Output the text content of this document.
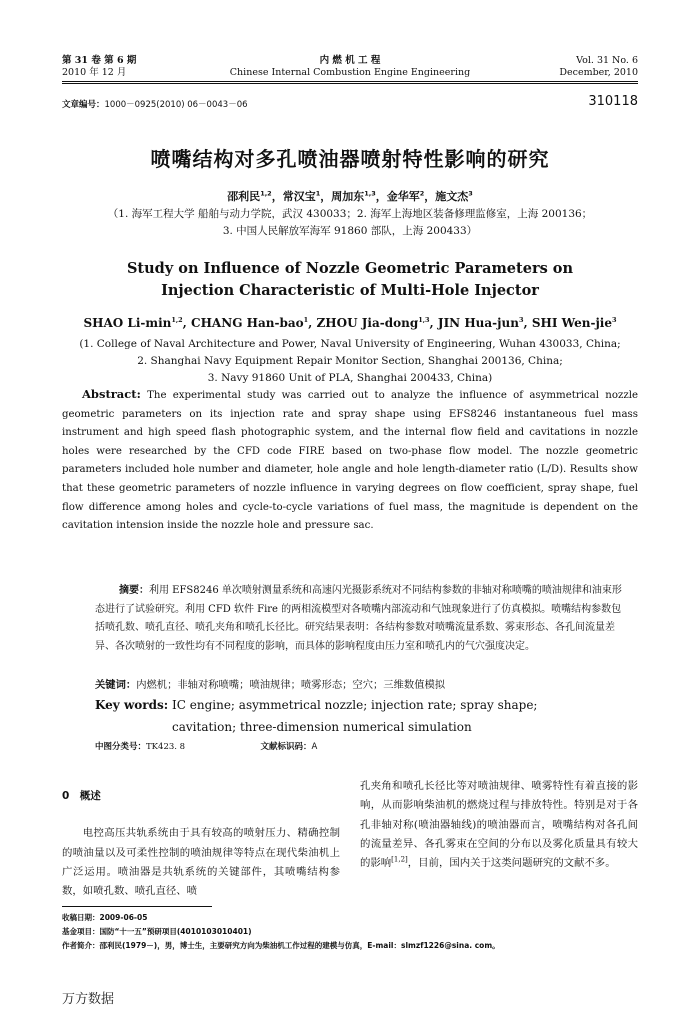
第 31 卷 第 6 期
2010 年 12 月
内 燃 机 工 程
Chinese Internal Combustion Engine Engineering
Vol. 31 No. 6
December, 2010
文章编号：1000－0925(2010) 06－0043－06	310118
喷嘴结构对多孔喷油器喷射特性影响的研究
邵利民$^{1,2}$，常汉宝$^1$，周加东$^{1,3}$，金华军$^2$，施文杰$^3$
（1. 海军工程大学 船舶与动力学院，武汉 430033；2. 海军上海地区装备修理监修室，上海 200136；
3. 中国人民解放军海军 91860 部队，上海 200433）
Study on Influence of Nozzle Geometric Parameters on
Injection Characteristic of Multi-Hole Injector
SHAO $Li-\min^{1,2}$, CHANG Han-bao$^1$, ZHOU Jia-dong$^{1,3}$, JIN Hua-jun$^3$, SHI Wen-jie$^3$
(1. College of Naval Architecture and Power, Naval University of Engineering, Wuhan 430033, China;
2. Shanghai Navy Equipment Repair Monitor Section, Shanghai 200136, China;
3. Navy 91860 Unit of PLA, Shanghai 200433, China)
Abstract: The experimental study was carried out to analyze the influence of asymmetrical nozzle geometric parameters on its injection rate and spray shape using EFS8246 instantaneous fuel mass instrument and high speed flash photographic system, and the internal flow field and cavitations in nozzle holes were researched by the CFD code FIRE based on two-phase flow model. The nozzle geometric parameters included hole number and diameter, hole angle and hole length-diameter ratio (L/D). Results show that these geometric parameters of nozzle influence in varying degrees on flow coefficient, spray shape, fuel flow difference among holes and cycle-to-cycle variations of fuel mass, the magnitude is dependent on the cavitation intension inside the nozzle hole and pressure sac.
摘要：利用 EFS8246 单次喷射测量系统和高速闪光摄影系统对不同结构参数的非轴对称喷嘴的喷油规律和油束形态进行了试验研究。利用 CFD 软件 Fire 的两相流模型对各喷嘴内部流动和气蚀现象进行了仿真模拟。喷嘴结构参数包括喷孔数、喷孔直径、喷孔夹角和喷孔长径比。研究结果表明：各结构参数对喷嘴流量系数、雾束形态、各孔间流量差异、各次喷射的一致性均有不同程度的影响，而具体的影响程度由压力室和喷孔内的气穴强度决定。
关键词：内燃机；非轴对称喷嘴；喷油规律；喷雾形态；空穴；三维数值模拟
Key words: IC engine; asymmetrical nozzle; injection rate; spray shape;
cavitation; three-dimension numerical simulation
中图分类号：TK423. 8	文献标识码：A
0　概述
电控高压共轨系统由于具有较高的喷射压力、精确控制的喷油量以及可柔性控制的喷油规律等特点在现代柴油机上广泛运用。喷油器是共轨系统的关键部件，其喷嘴结构参数，如喷孔数、喷孔直径、喷
孔夹角和喷孔长径比等对喷油规律、喷雾特性有着直接的影响，从而影响柴油机的燃烧过程与排放特性。特别是对于各孔非轴对称(喷油器轴线)的喷油器而言，喷嘴结构对各孔间的流量差异、各孔雾束在空间的分布以及雾化质量具有较大的影响[1,2]，目前，国内关于这类问题研究的文献不多。
收稿日期：2009-06-05
基金项目：国防“十一五”预研项目(4010103010401)
作者简介：邵利民(1979－)，男，博士生，主要研究方向为柴油机工作过程的建模与仿真，E-mail：slmzf1226@sina. com。
万方数据
